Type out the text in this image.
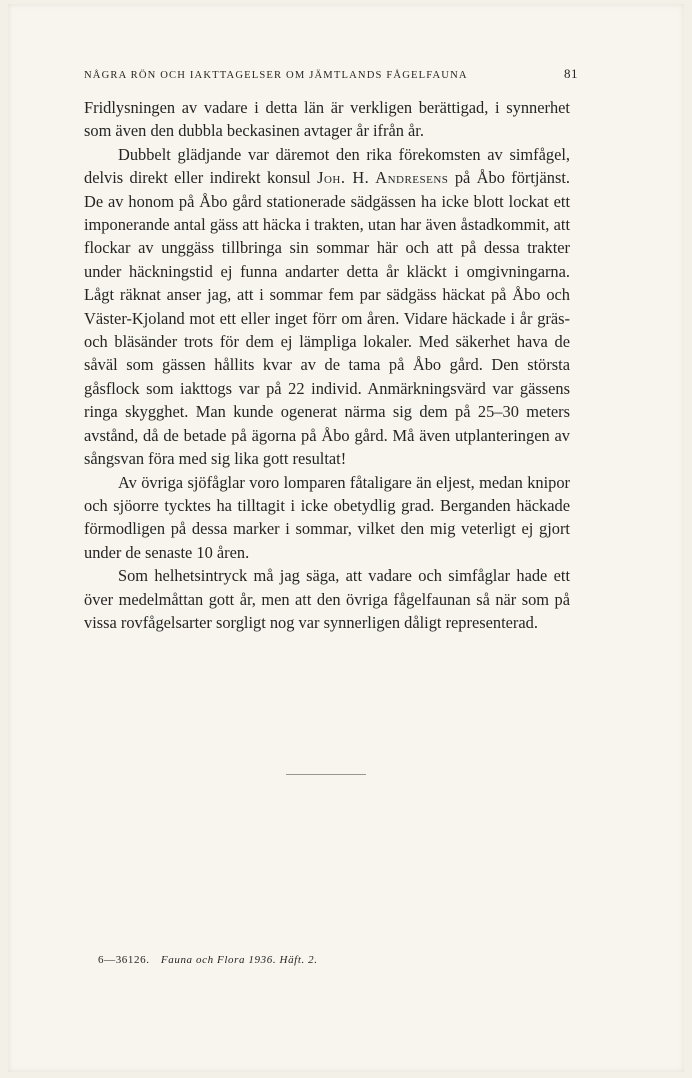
NÅGRA RÖN OCH IAKTTAGELSER OM JÄMTLANDS FÅGELFAUNA	81

Fridlysningen av vadare i detta län är verkligen berättigad, i synnerhet som även den dubbla beckasinen avtager år ifrån år.

Dubbelt glädjande var däremot den rika förekomsten av simfågel, delvis direkt eller indirekt konsul Joh. H. Andresens på Åbo förtjänst. De av honom på Åbo gård stationerade sädgässen ha icke blott lockat ett imponerande antal gäss att häcka i trakten, utan har även åstadkommit, att flockar av unggäss tillbringa sin sommar här och att på dessa trakter under häckningstid ej funna andarter detta år kläckt i omgivningarna. Lågt räknat anser jag, att i sommar fem par sädgäss häckat på Åbo och Väster-Kjoland mot ett eller inget förr om åren. Vidare häckade i år gräs- och bläsänder trots för dem ej lämpliga lokaler. Med säkerhet hava de såväl som gässen hållits kvar av de tama på Åbo gård. Den största gåsflock som iakttogs var på 22 individ. Anmärkningsvärd var gässens ringa skygghet. Man kunde ogenerat närma sig dem på 25–30 meters avstånd, då de betade på ägorna på Åbo gård. Må även utplanteringen av sångsvan föra med sig lika gott resultat!

Av övriga sjöfåglar voro lomparen fåtaligare än eljest, medan knipor och sjöorre tycktes ha tilltagit i icke obetydlig grad. Berganden häckade förmodligen på dessa marker i sommar, vilket den mig veterligt ej gjort under de senaste 10 åren.

Som helhetsintryck må jag säga, att vadare och simfåglar hade ett över medelmåttan gott år, men att den övriga fågelfaunan så när som på vissa rovfågelsarter sorgligt nog var synnerligen dåligt representerad.

6—36126. Fauna och Flora 1936. Häft. 2.
